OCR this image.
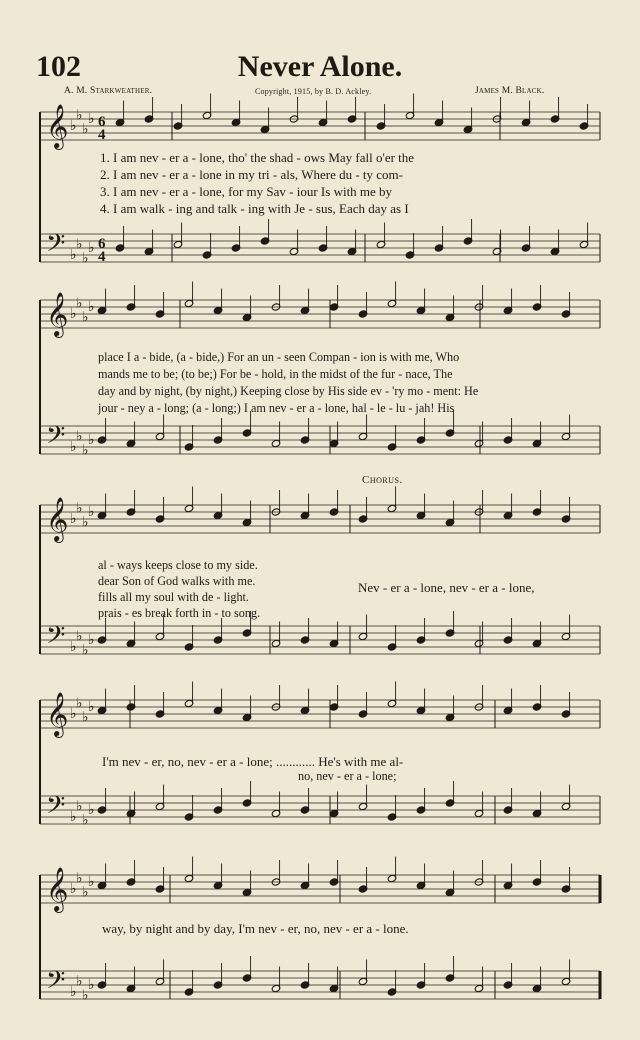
102	Never Alone.
A. M. Starkweather.	Copyright, 1915, by B. D. Ackley.	James M. Black.
𝄞
𝄢
♭
♭
♭
♭
♭
♭
♭
♭
6
4
6
4
1. I am nev - er a - lone, tho' the shad - ows May fall o'er the
2. I am nev - er a - lone in my tri - als, Where du - ty com-
3. I am nev - er a - lone, for my Sav - iour Is with me by
4. I am walk - ing and talk - ing with Je - sus, Each day as I
𝄞
𝄢
♭
♭
♭
♭
♭
♭
♭
♭
place I a - bide, (a - bide,) For an un - seen Compan - ion is with me, Who
mands me to be; (to be;) For be - hold, in the midst of the fur - nace, The
day and by night, (by night,) Keeping close by His side ev - 'ry mo - ment: He
jour - ney a - long; (a - long;) I am nev - er a - lone, hal - le - lu - jah! His
Chorus.
𝄞
𝄢
♭
♭
♭
♭
♭
♭
♭
♭
al - ways keeps close to my side.
dear Son of God walks with me.
fills all my soul with de - light.
prais - es break forth in - to song.
Nev - er a - lone, nev - er a - lone,
𝄞
𝄢
♭
♭
♭
♭
♭
♭
♭
♭
I'm nev - er, no, nev - er a - lone; ............ He's with me al-
no, nev - er a - lone;
𝄞
𝄢
♭
♭
♭
♭
♭
♭
♭
♭
way, by night and by day, I'm nev - er, no, nev - er a - lone.
